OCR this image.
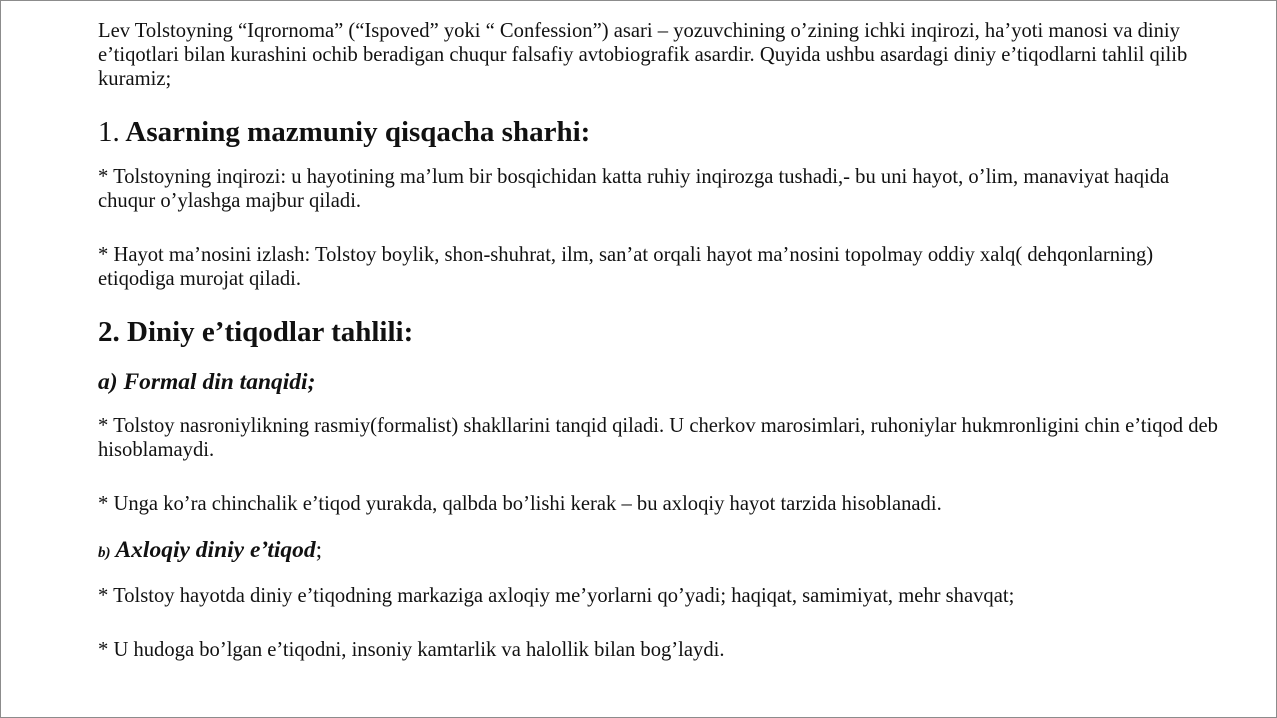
Lev Tolstoyning “Iqrornoma” (“Ispoved” yoki “ Confession”) asari – yozuvchining o’zining ichki inqirozi, ha’yoti manosi va diniy e’tiqotlari bilan kurashini ochib beradigan chuqur falsafiy avtobiografik asardir. Quyida ushbu asardagi diniy e’tiqodlarni tahlil qilib kuramiz;

1. Asarning mazmuniy qisqacha sharhi:

* Tolstoyning inqirozi: u hayotining ma’lum bir bosqichidan katta ruhiy inqirozga tushadi,- bu uni hayot, o’lim, manaviyat haqida chuqur o’ylashga majbur qiladi.

* Hayot ma’nosini izlash: Tolstoy boylik, shon-shuhrat, ilm, san’at orqali hayot ma’nosini topolmay oddiy xalq( dehqonlarning) etiqodiga murojat qiladi.

2. Diniy e’tiqodlar tahlili:
a) Formal din tanqidi;

* Tolstoy nasroniylikning rasmiy(formalist) shakllarini tanqid qiladi. U cherkov marosimlari, ruhoniylar hukmronligini chin e’tiqod deb hisoblamaydi.

* Unga ko’ra chinchalik e’tiqod yurakda, qalbda bo’lishi kerak – bu axloqiy hayot tarzida hisoblanadi.

b) Axloqiy diniy e’tiqod;

* Tolstoy hayotda diniy e’tiqodning markaziga axloqiy me’yorlarni qo’yadi; haqiqat, samimiyat, mehr shavqat;

* U hudoga bo’lgan e’tiqodni, insoniy kamtarlik va halollik bilan bog’laydi.
